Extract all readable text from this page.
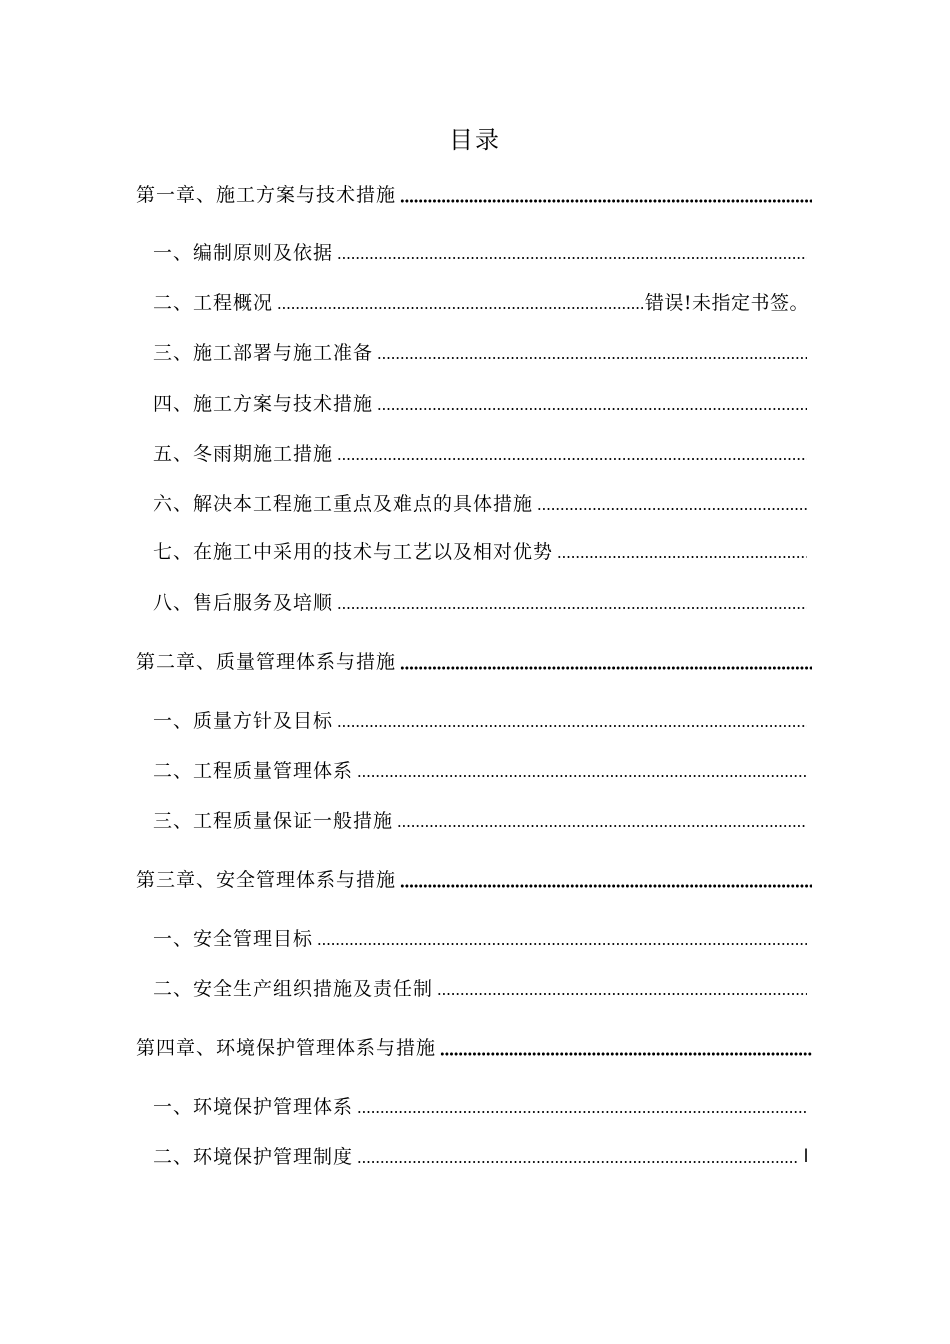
目录
第一章、施工方案与技术措施
一、编制原则及依据
二、工程概况	错误!未指定书签。
三、施工部署与施工准备
四、施工方案与技术措施
五、冬雨期施工措施
六、解决本工程施工重点及难点的具体措施
七、在施工中采用的技术与工艺以及相对优势
八、售后服务及培顺
第二章、质量管理体系与措施
一、质量方针及目标
二、工程质量管理体系
三、工程质量保证一般措施
第三章、安全管理体系与措施
一、安全管理目标
二、安全生产组织措施及责任制
第四章、环境保护管理体系与措施
一、环境保护管理体系
二、环境保护管理制度	l
